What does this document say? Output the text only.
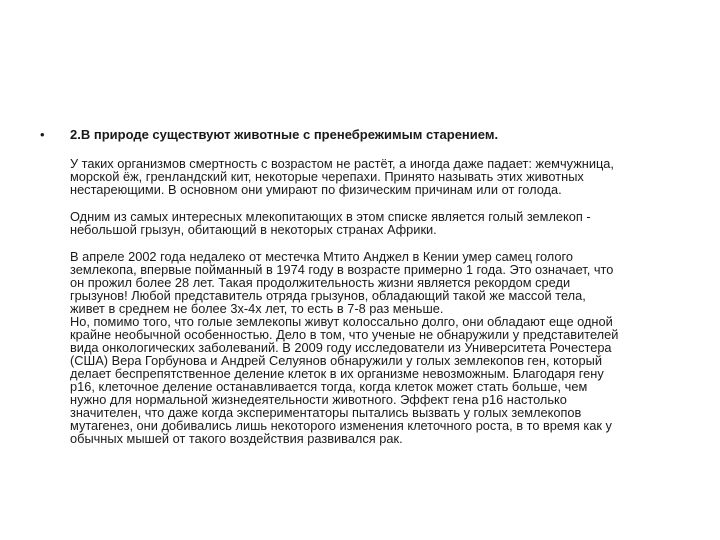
• 2.В природе существуют животные с пренебрежимым старением.
У таких организмов смертность с возрастом не растёт, а иногда даже падает: жемчужница,
морской ёж, гренландский кит, некоторые черепахи. Принято называть этих животных
нестареющими. В основном они умирают по физическим причинам или от голода.
Одним из самых интересных млекопитающих в этом списке является голый землекоп -
небольшой грызун, обитающий в некоторых странах Африки.
В апреле 2002 года недалеко от местечка Мтито Анджел в Кении умер самец голого
землекопа, впервые пойманный в 1974 году в возрасте примерно 1 года. Это означает, что
он прожил более 28 лет. Такая продолжительность жизни является рекордом среди
грызунов! Любой представитель отряда грызунов, обладающий такой же массой тела,
живет в среднем не более 3х-4х лет, то есть в 7-8 раз меньше.
Но, помимо того, что голые землекопы живут колоссально долго, они обладают еще одной
крайне необычной особенностью. Дело в том, что ученые не обнаружили у представителей
вида онкологических заболеваний. В 2009 году исследователи из Университета Рочестера
(США) Вера Горбунова и Андрей Селуянов обнаружили у голых землекопов ген, который
делает беспрепятственное деление клеток в их организме невозможным. Благодаря гену
p16, клеточное деление останавливается тогда, когда клеток может стать больше, чем
нужно для нормальной жизнедеятельности животного. Эффект гена p16 настолько
значителен, что даже когда экспериментаторы пытались вызвать у голых землекопов
мутагенез, они добивались лишь некоторого изменения клеточного роста, в то время как у
обычных мышей от такого воздействия развивался рак.
